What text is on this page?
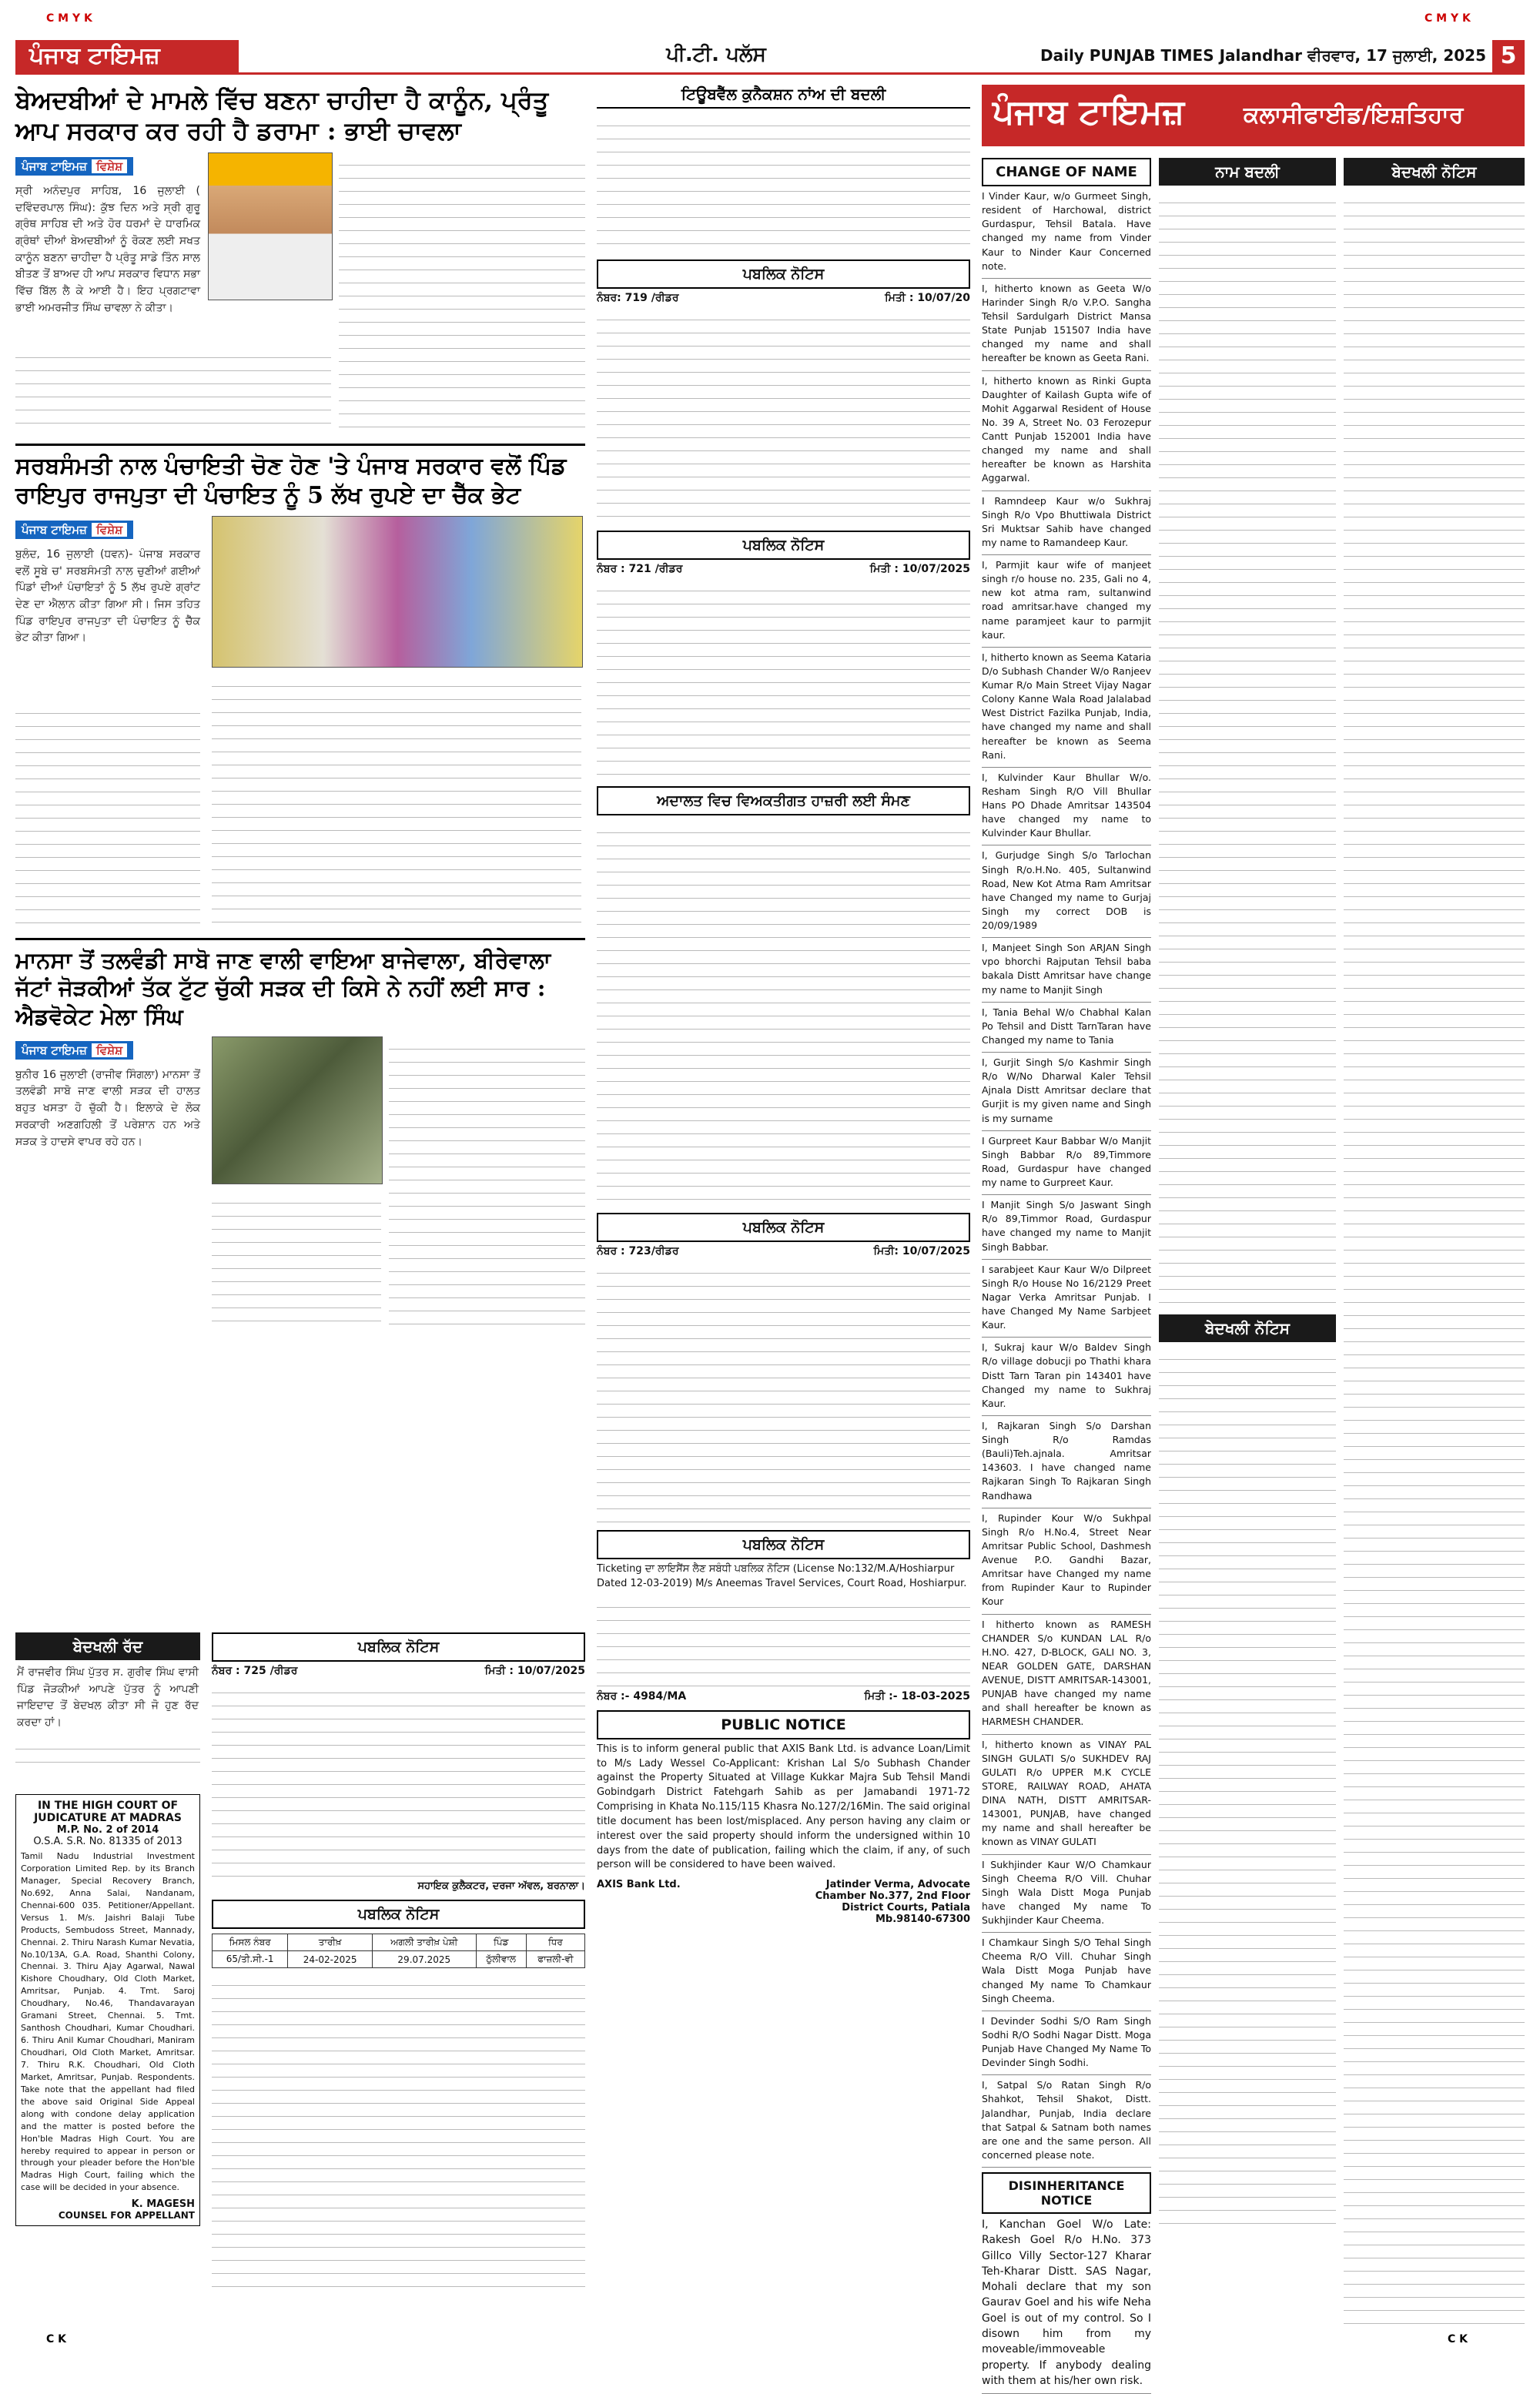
C M Y K	C M Y K
C K	C K
ਪੰਜਾਬ ਟਾਇਮਜ਼	ਪੀ.ਟੀ. ਪਲੱਸ	Daily PUNJAB TIMES Jalandhar ਵੀਰਵਾਰ, 17 ਜੁਲਾਈ, 2025 5
ਬੇਅਦਬੀਆਂ ਦੇ ਮਾਮਲੇ ਵਿੱਚ ਬਣਨਾ ਚਾਹੀਦਾ ਹੈ ਕਾਨੂੰਨ, ਪ੍ਰੰਤੂ ਆਪ ਸਰਕਾਰ ਕਰ ਰਹੀ ਹੈ ਡਰਾਮਾ : ਭਾਈ ਚਾਵਲਾ
ਪੰਜਾਬ ਟਾਇਮਜ਼ ਵਿਸ਼ੇਸ਼
ਸ੍ਰੀ ਅਨੰਦਪੁਰ ਸਾਹਿਬ, 16 ਜੁਲਾਈ ( ਦਵਿੰਦਰਪਾਲ ਸਿੰਘ): ਕੁੱਝ ਦਿਨ ਅਤੇ ਸ੍ਰੀ ਗੁਰੂ ਗ੍ਰੰਥ ਸਾਹਿਬ ਦੀ ਅਤੇ ਹੋਰ ਧਰਮਾਂ ਦੇ ਧਾਰਮਿਕ ਗ੍ਰੰਥਾਂ ਦੀਆਂ ਬੇਅਦਬੀਆਂ ਨੂੰ ਰੋਕਣ ਲਈ ਸਖਤ ਕਾਨੂੰਨ ਬਣਨਾ ਚਾਹੀਦਾ ਹੈ ਪ੍ਰੰਤੂ ਸਾਡੇ ਤਿੰਨ ਸਾਲ ਬੀਤਣ ਤੋਂ ਬਾਅਦ ਹੀ ਆਪ ਸਰਕਾਰ ਵਿਧਾਨ ਸਭਾ ਵਿੱਚ ਬਿੱਲ ਲੈ ਕੇ ਆਈ ਹੈ। ਇਹ ਪ੍ਰਗਟਾਵਾ ਭਾਈ ਅਮਰਜੀਤ ਸਿੰਘ ਚਾਵਲਾ ਨੇ ਕੀਤਾ।
ਸਰਬਸੰਮਤੀ ਨਾਲ ਪੰਚਾਇਤੀ ਚੋਣ ਹੋਣ 'ਤੇ ਪੰਜਾਬ ਸਰਕਾਰ ਵਲੋਂ ਪਿੰਡ ਰਾਇਪੁਰ ਰਾਜਪੁਤਾ ਦੀ ਪੰਚਾਇਤ ਨੂੰ 5 ਲੱਖ ਰੁਪਏ ਦਾ ਚੈੱਕ ਭੇਟ
ਪੰਜਾਬ ਟਾਇਮਜ਼ ਵਿਸ਼ੇਸ਼
ਬੁਲੰਦ, 16 ਜੁਲਾਈ (ਧਵਨ)- ਪੰਜਾਬ ਸਰਕਾਰ ਵਲੋਂ ਸੂਬੇ ਚ' ਸਰਬਸੰਮਤੀ ਨਾਲ ਚੁਣੀਆਂ ਗਈਆਂ ਪਿੰਡਾਂ ਦੀਆਂ ਪੰਚਾਇਤਾਂ ਨੂੰ 5 ਲੱਖ ਰੁਪਏ ਗ੍ਰਾਂਟ ਦੇਣ ਦਾ ਐਲਾਨ ਕੀਤਾ ਗਿਆ ਸੀ। ਜਿਸ ਤਹਿਤ ਪਿੰਡ ਰਾਇਪੁਰ ਰਾਜਪੁਤਾ ਦੀ ਪੰਚਾਇਤ ਨੂੰ ਚੈੱਕ ਭੇਟ ਕੀਤਾ ਗਿਆ।
ਮਾਨਸਾ ਤੋਂ ਤਲਵੰਡੀ ਸਾਬੋ ਜਾਣ ਵਾਲੀ ਵਾਇਆ ਬਾਜੇਵਾਲਾ, ਬੀਰੇਵਾਲਾ ਜੱਟਾਂ ਜੋੜਕੀਆਂ ਤੱਕ ਟੁੱਟ ਚੁੱਕੀ ਸੜਕ ਦੀ ਕਿਸੇ ਨੇ ਨਹੀਂ ਲਈ ਸਾਰ : ਐਡਵੋਕੇਟ ਮੇਲਾ ਸਿੰਘ
ਪੰਜਾਬ ਟਾਇਮਜ਼ ਵਿਸ਼ੇਸ਼
ਬੁਨੀਰ 16 ਜੁਲਾਈ (ਰਾਜੀਵ ਸਿੰਗਲਾ) ਮਾਨਸਾ ਤੋਂ ਤਲਵੰਡੀ ਸਾਬੋ ਜਾਣ ਵਾਲੀ ਸੜਕ ਦੀ ਹਾਲਤ ਬਹੁਤ ਖਸਤਾ ਹੋ ਚੁੱਕੀ ਹੈ। ਇਲਾਕੇ ਦੇ ਲੋਕ ਸਰਕਾਰੀ ਅਣਗਹਿਲੀ ਤੋਂ ਪਰੇਸ਼ਾਨ ਹਨ ਅਤੇ ਸੜਕ ਤੇ ਹਾਦਸੇ ਵਾਪਰ ਰਹੇ ਹਨ।
ਬੇਦਖਲੀ ਰੱਦ
ਮੈਂ ਰਾਜਵੀਰ ਸਿੰਘ ਪੁੱਤਰ ਸ. ਗੁਰੀਵ ਸਿੰਘ ਵਾਸੀ ਪਿੰਡ ਜੋੜਕੀਆਂ ਆਪਣੇ ਪੁੱਤਰ ਨੂੰ ਆਪਣੀ ਜਾਇਦਾਦ ਤੋਂ ਬੇਦਖਲ ਕੀਤਾ ਸੀ ਜੋ ਹੁਣ ਰੱਦ ਕਰਦਾ ਹਾਂ।
IN THE HIGH COURT OF JUDICATURE AT MADRAS
M.P. No. 2 of 2014
O.S.A. S.R. No. 81335 of 2013
Tamil Nadu Industrial Investment Corporation Limited Rep. by its Branch Manager, Special Recovery Branch, No.692, Anna Salai, Nandanam, Chennai-600 035. Petitioner/Appellant. Versus 1. M/s. Jaishri Balaji Tube Products, Sembudoss Street, Mannady, Chennai. 2. Thiru Narash Kumar Nevatia, No.10/13A, G.A. Road, Shanthi Colony, Chennai. 3. Thiru Ajay Agarwal, Nawal Kishore Choudhary, Old Cloth Market, Amritsar, Punjab. 4. Tmt. Saroj Choudhary, No.46, Thandavarayan Gramani Street, Chennai. 5. Tmt. Santhosh Choudhari, Kumar Choudhari. 6. Thiru Anil Kumar Choudhari, Maniram Choudhari, Old Cloth Market, Amritsar. 7. Thiru R.K. Choudhari, Old Cloth Market, Amritsar, Punjab. Respondents. Take note that the appellant had filed the above said Original Side Appeal along with condone delay application and the matter is posted before the Hon'ble Madras High Court. You are hereby required to appear in person or through your pleader before the Hon'ble Madras High Court, failing which the case will be decided in your absence.
K. MAGESH
COUNSEL FOR APPELLANT
ਪਬਲਿਕ ਨੋਟਿਸ
ਨੰਬਰ : 725 /ਰੀਡਰ	ਮਿਤੀ : 10/07/2025
ਸਹਾਇਕ ਕੁਲੈਕਟਰ, ਦਰਜਾ ਅੱਵਲ, ਬਰਨਾਲਾ।
ਪਬਲਿਕ ਨੋਟਿਸ
ਮਿਸਲ ਨੰਬਰ	ਤਾਰੀਖ਼	ਅਗਲੀ ਤਾਰੀਖ਼ ਪੇਸ਼ੀ	ਪਿੰਡ	ਧਿਰ
65/ਤੀ.ਸੀ.-1	24-02-2025	29.07.2025	ਠੁੱਲੀਵਾਲ	ਫਾਜ਼ਲੀ-ਵੀ
ਟਿਊਬਵੈੱਲ ਕੁਨੈਕਸ਼ਨ ਨਾਂਅ ਦੀ ਬਦਲੀ
ਪਬਲਿਕ ਨੋਟਿਸ
ਨੰਬਰ: 719 /ਰੀਡਰ	ਮਿਤੀ : 10/07/20
ਪਬਲਿਕ ਨੋਟਿਸ
ਨੰਬਰ : 721 /ਰੀਡਰ	ਮਿਤੀ : 10/07/2025
ਅਦਾਲਤ ਵਿਚ ਵਿਅਕਤੀਗਤ ਹਾਜ਼ਰੀ ਲਈ ਸੰਮਣ
ਪਬਲਿਕ ਨੋਟਿਸ
ਨੰਬਰ : 723/ਰੀਡਰ	ਮਿਤੀ: 10/07/2025
ਪਬਲਿਕ ਨੋਟਿਸ
Ticketing ਦਾ ਲਾਇਸੈਂਸ ਲੈਣ ਸਬੰਧੀ ਪਬਲਿਕ ਨੋਟਿਸ (License No:132/M.A/Hoshiarpur Dated 12-03-2019) M/s Aneemas Travel Services, Court Road, Hoshiarpur.
ਨੰਬਰ :- 4984/MA	ਮਿਤੀ :- 18-03-2025
PUBLIC NOTICE
This is to inform general public that AXIS Bank Ltd. is advance Loan/Limit to M/s Lady Wessel Co-Applicant: Krishan Lal S/o Subhash Chander against the Property Situated at Village Kukkar Majra Sub Tehsil Mandi Gobindgarh District Fatehgarh Sahib as per Jamabandi 1971-72 Comprising in Khata No.115/115 Khasra No.127/2/16Min. The said original title document has been lost/misplaced. Any person having any claim or interest over the said property should inform the undersigned within 10 days from the date of publication, failing which the claim, if any, of such person will be considered to have been waived.
AXIS Bank Ltd.	Jatinder Verma, Advocate Chamber No.377, 2nd Floor District Courts, Patiala Mb.98140-67300
ਪੰਜਾਬ ਟਾਇਮਜ਼	ਕਲਾਸੀਫਾਈਡ/ਇਸ਼ਤਿਹਾਰ
CHANGE OF NAME
I Vinder Kaur, w/o Gurmeet Singh, resident of Harchowal, district Gurdaspur, Tehsil Batala. Have changed my name from Vinder Kaur to Ninder Kaur Concerned note.
I, hitherto known as Geeta W/o Harinder Singh R/o V.P.O. Sangha Tehsil Sardulgarh District Mansa State Punjab 151507 India have changed my name and shall hereafter be known as Geeta Rani.
I, hitherto known as Rinki Gupta Daughter of Kailash Gupta wife of Mohit Aggarwal Resident of House No. 39 A, Street No. 03 Ferozepur Cantt Punjab 152001 India have changed my name and shall hereafter be known as Harshita Aggarwal.
I Ramndeep Kaur w/o Sukhraj Singh R/o Vpo Bhuttiwala District Sri Muktsar Sahib have changed my name to Ramandeep Kaur.
I, Parmjit kaur wife of manjeet singh r/o house no. 235, Gali no 4, new kot atma ram, sultanwind road amritsar.have changed my name paramjeet kaur to parmjit kaur.
I, hitherto known as Seema Kataria D/o Subhash Chander W/o Ranjeev Kumar R/o Main Street Vijay Nagar Colony Kanne Wala Road Jalalabad West District Fazilka Punjab, India, have changed my name and shall hereafter be known as Seema Rani.
I, Kulvinder Kaur Bhullar W/o. Resham Singh R/O Vill Bhullar Hans PO Dhade Amritsar 143504 have changed my name to Kulvinder Kaur Bhullar.
I, Gurjudge Singh S/o Tarlochan Singh R/o.H.No. 405, Sultanwind Road, New Kot Atma Ram Amritsar have Changed my name to Gurjaj Singh my correct DOB is 20/09/1989
I, Manjeet Singh Son ARJAN Singh vpo bhorchi Rajputan Tehsil baba bakala Distt Amritsar have change my name to Manjit Singh
I, Tania Behal W/o Chabhal Kalan Po Tehsil and Distt TarnTaran have Changed my name to Tania
I, Gurjit Singh S/o Kashmir Singh R/o W/No Dharwal Kaler Tehsil Ajnala Distt Amritsar declare that Gurjit is my given name and Singh is my surname
I Gurpreet Kaur Babbar W/o Manjit Singh Babbar R/o 89,Timmore Road, Gurdaspur have changed my name to Gurpreet Kaur.
I Manjit Singh S/o Jaswant Singh R/o 89,Timmor Road, Gurdaspur have changed my name to Manjit Singh Babbar.
I sarabjeet Kaur Kaur W/o Dilpreet Singh R/o House No 16/2129 Preet Nagar Verka Amritsar Punjab. I have Changed My Name Sarbjeet Kaur.
I, Sukraj kaur W/o Baldev Singh R/o village dobucji po Thathi khara Distt Tarn Taran pin 143401 have Changed my name to Sukhraj Kaur.
I, Rajkaran Singh S/o Darshan Singh R/o Ramdas (Bauli)Teh.ajnala. Amritsar 143603. I have changed name Rajkaran Singh To Rajkaran Singh Randhawa
I, Rupinder Kour W/o Sukhpal Singh R/o H.No.4, Street Near Amritsar Public School, Dashmesh Avenue P.O. Gandhi Bazar, Amritsar have Changed my name from Rupinder Kaur to Rupinder Kour
I hitherto known as RAMESH CHANDER S/o KUNDAN LAL R/o H.NO. 427, D-BLOCK, GALI NO. 3, NEAR GOLDEN GATE, DARSHAN AVENUE, DISTT AMRITSAR-143001, PUNJAB have changed my name and shall hereafter be known as HARMESH CHANDER.
I, hitherto known as VINAY PAL SINGH GULATI S/o SUKHDEV RAJ GULATI R/o UPPER M.K CYCLE STORE, RAILWAY ROAD, AHATA DINA NATH, DISTT AMRITSAR-143001, PUNJAB, have changed my name and shall hereafter be known as VINAY GULATI
I Sukhjinder Kaur W/O Chamkaur Singh Cheema R/O Vill. Chuhar Singh Wala Distt Moga Punjab have changed My name To Sukhjinder Kaur Cheema.
I Chamkaur Singh S/O Tehal Singh Cheema R/O Vill. Chuhar Singh Wala Distt Moga Punjab have changed My name To Chamkaur Singh Cheema.
I Devinder Sodhi S/O Ram Singh Sodhi R/O Sodhi Nagar Distt. Moga Punjab Have Changed My Name To Devinder Singh Sodhi.
I, Satpal S/o Ratan Singh R/o Shahkot, Tehsil Shakot, Distt. Jalandhar, Punjab, India declare that Satpal & Satnam both names are one and the same person. All concerned please note.
DISINHERITANCE NOTICE
I, Kanchan Goel W/o Late: Rakesh Goel R/o H.No. 373 Gillco Villy Sector-127 Kharar Teh-Kharar Distt. SAS Nagar, Mohali declare that my son Gaurav Goel and his wife Neha Goel is out of my control. So I disown him from my moveable/immoveable property. If anybody dealing with them at his/her own risk.
ਨਾਮ ਬਦਲੀ
ਬੇਦਖਲੀ ਨੋਟਿਸ
ਬੇਦਖਲੀ ਨੋਟਿਸ
